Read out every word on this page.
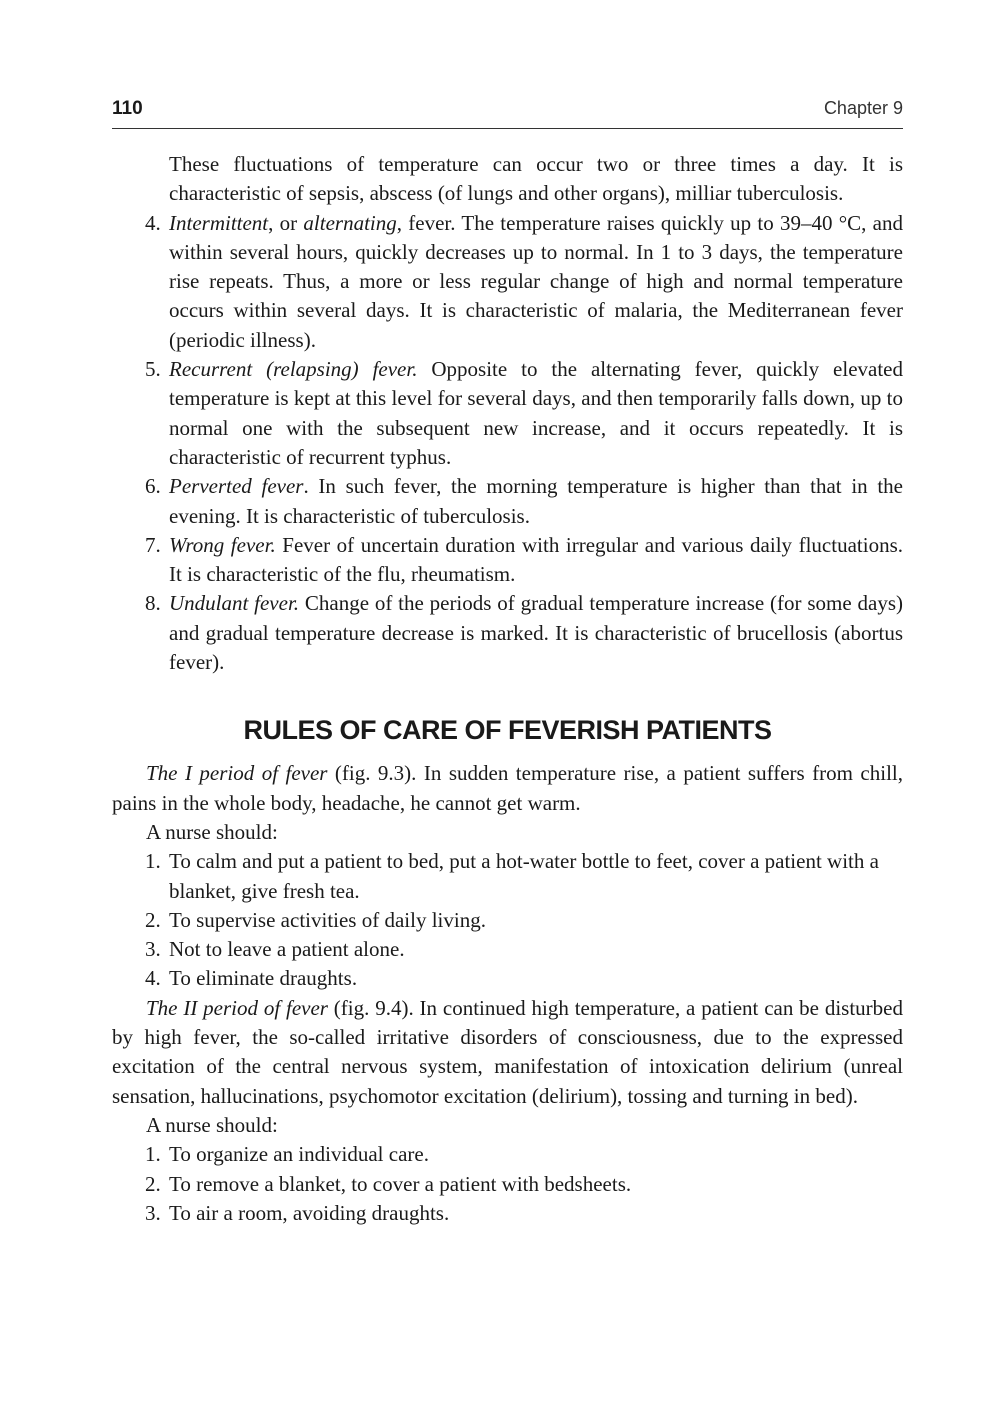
110	Chapter 9

These fluctuations of temperature can occur two or three times a day. It is characteristic of sepsis, abscess (of lungs and other organs), milliar tuberculosis.

4. Intermittent, or alternating, fever. The temperature raises quickly up to 39–40 °C, and within several hours, quickly decreases up to normal. In 1 to 3 days, the temperature rise repeats. Thus, a more or less regular change of high and normal temperature occurs within several days. It is characteristic of malaria, the Mediterranean fever (periodic illness).
5. Recurrent (relapsing) fever. Opposite to the alternating fever, quickly elevated temperature is kept at this level for several days, and then temporarily falls down, up to normal one with the subsequent new increase, and it occurs repeatedly. It is characteristic of recurrent typhus.
6. Perverted fever. In such fever, the morning temperature is higher than that in the evening. It is characteristic of tuberculosis.
7. Wrong fever. Fever of uncertain duration with irregular and various daily fluctuations. It is characteristic of the flu, rheumatism.
8. Undulant fever. Change of the periods of gradual temperature increase (for some days) and gradual temperature decrease is marked. It is characteristic of brucellosis (abortus fever).
RULES OF CARE OF FEVERISH PATIENTS

The I period of fever (fig. 9.3). In sudden temperature rise, a patient suffers from chill, pains in the whole body, headache, he cannot get warm.

A nurse should:

1. To calm and put a patient to bed, put a hot-water bottle to feet, cover a patient with a blanket, give fresh tea.
2. To supervise activities of daily living.
3. Not to leave a patient alone.
4. To eliminate draughts.

The II period of fever (fig. 9.4). In continued high temperature, a patient can be disturbed by high fever, the so-called irritative disorders of consciousness, due to the expressed excitation of the central nervous system, manifestation of intoxication delirium (unreal sensation, hallucinations, psychomotor excitation (delirium), tossing and turning in bed).

A nurse should:

1. To organize an individual care.
2. To remove a blanket, to cover a patient with bedsheets.
3. To air a room, avoiding draughts.
